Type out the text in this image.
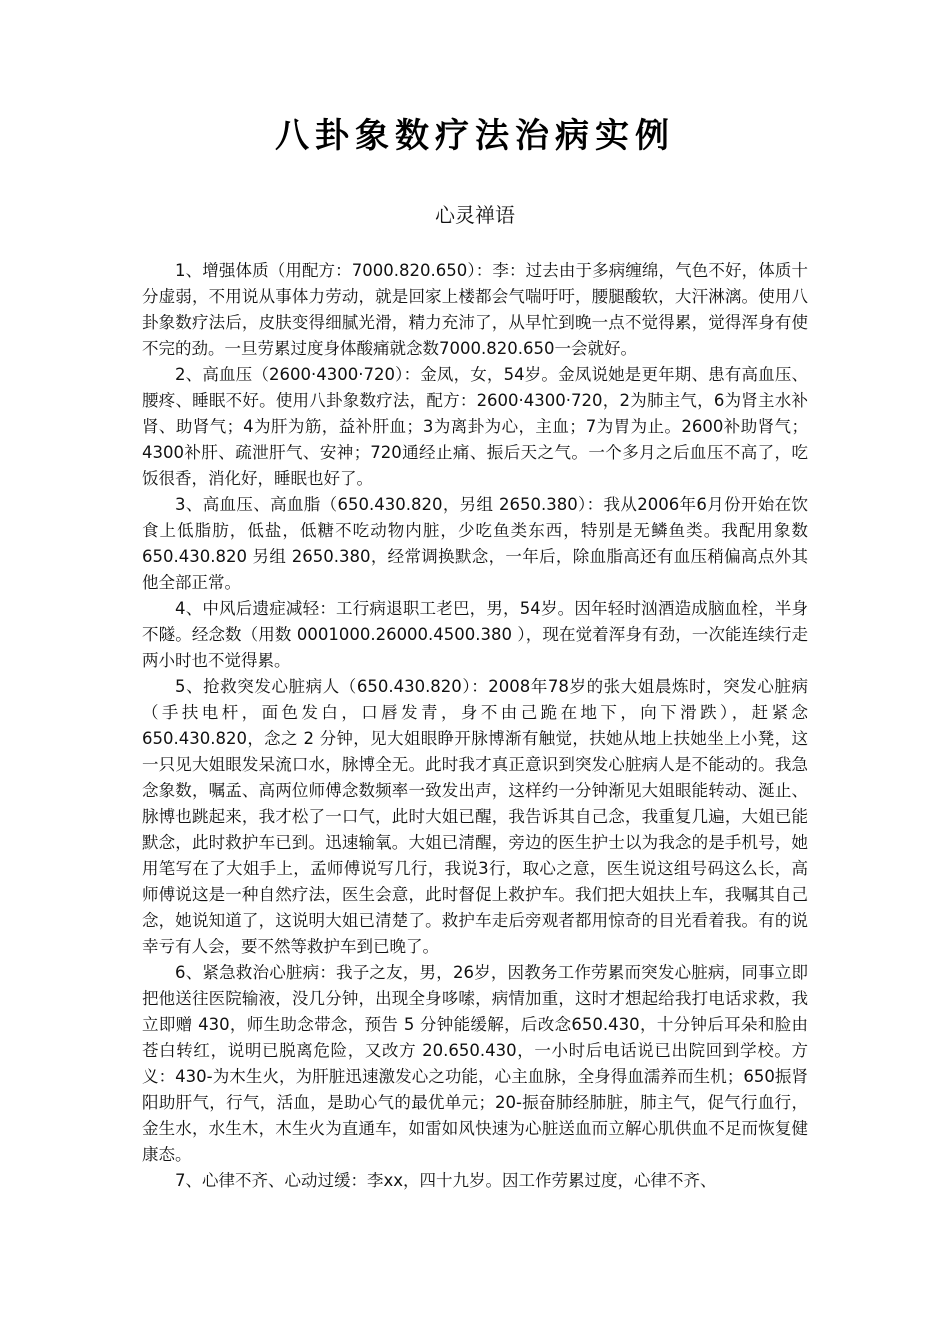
八卦象数疗法治病实例
心灵禅语

1、增强体质（用配方：7000.820.650）：李：过去由于多病缠绵，气色不好，体质十分虚弱，不用说从事体力劳动，就是回家上楼都会气喘吁吁，腰腿酸软，大汗淋漓。使用八卦象数疗法后，皮肤变得细腻光滑，精力充沛了，从早忙到晚一点不觉得累，觉得浑身有使不完的劲。一旦劳累过度身体酸痛就念数7000.820.650一会就好。

2、高血压（2600·4300·720）：金凤，女，54岁。金凤说她是更年期、患有高血压、腰疼、睡眠不好。使用八卦象数疗法，配方：2600·4300·720，2为肺主气，6为肾主水补肾、助肾气；4为肝为筋，益补肝血；3为离卦为心，主血；7为胃为止。2600补助肾气；4300补肝、疏泄肝气、安神；720通经止痛、振后天之气。一个多月之后血压不高了，吃饭很香，消化好，睡眠也好了。

3、高血压、高血脂（650.430.820，另组 2650.380）：我从2006年6月份开始在饮食上低脂肪，低盐，低糖不吃动物内脏，少吃鱼类东西，特别是无鳞鱼类。我配用象数 650.430.820 另组 2650.380，经常调换默念，一年后，除血脂高还有血压稍偏高点外其他全部正常。

4、中风后遗症减轻：工行病退职工老巴，男，54岁。因年轻时汹酒造成脑血栓，半身不隧。经念数（用数 0001000.26000.4500.380 ），现在觉着浑身有劲，一次能连续行走两小时也不觉得累。

5、抢救突发心脏病人（650.430.820）：2008年78岁的张大姐晨炼时，突发心脏病（手扶电杆，面色发白，口唇发青，身不由己跪在地下，向下滑跌），赶紧念 650.430.820，念之 2 分钟，见大姐眼睁开脉博渐有触觉，扶她从地上扶她坐上小凳，这一只见大姐眼发呆流口水，脉博全无。此时我才真正意识到突发心脏病人是不能动的。我急念象数，嘱孟、高两位师傅念数频率一致发出声，这样约一分钟渐见大姐眼能转动、涎止、脉博也跳起来，我才松了一口气，此时大姐已醒，我告诉其自己念，我重复几遍，大姐已能默念，此时救护车已到。迅速输氧。大姐已清醒，旁边的医生护士以为我念的是手机号，她用笔写在了大姐手上，孟师傅说写几行，我说3行，取心之意，医生说这组号码这么长，高师傅说这是一种自然疗法，医生会意，此时督促上救护车。我们把大姐扶上车，我嘱其自己念，她说知道了，这说明大姐已清楚了。救护车走后旁观者都用惊奇的目光看着我。有的说幸亏有人会，要不然等救护车到已晚了。

6、紧急救治心脏病：我子之友，男，26岁，因教务工作劳累而突发心脏病，同事立即把他送往医院输液，没几分钟，出现全身哆嗦，病情加重，这时才想起给我打电话求救，我立即赠 430，师生助念带念，预告 5 分钟能缓解，后改念650.430，十分钟后耳朵和脸由苍白转红，说明已脱离危险，又改方 20.650.430，一小时后电话说已出院回到学校。方义：430-为木生火，为肝脏迅速激发心之功能，心主血脉，全身得血濡养而生机；650振肾阳助肝气，行气，活血，是助心气的最优单元；20-振奋肺经肺脏，肺主气，促气行血行，金生水，水生木，木生火为直通车，如雷如风快速为心脏送血而立解心肌供血不足而恢复健康态。

7、心律不齐、心动过缓：李xx，四十九岁。因工作劳累过度，心律不齐、
